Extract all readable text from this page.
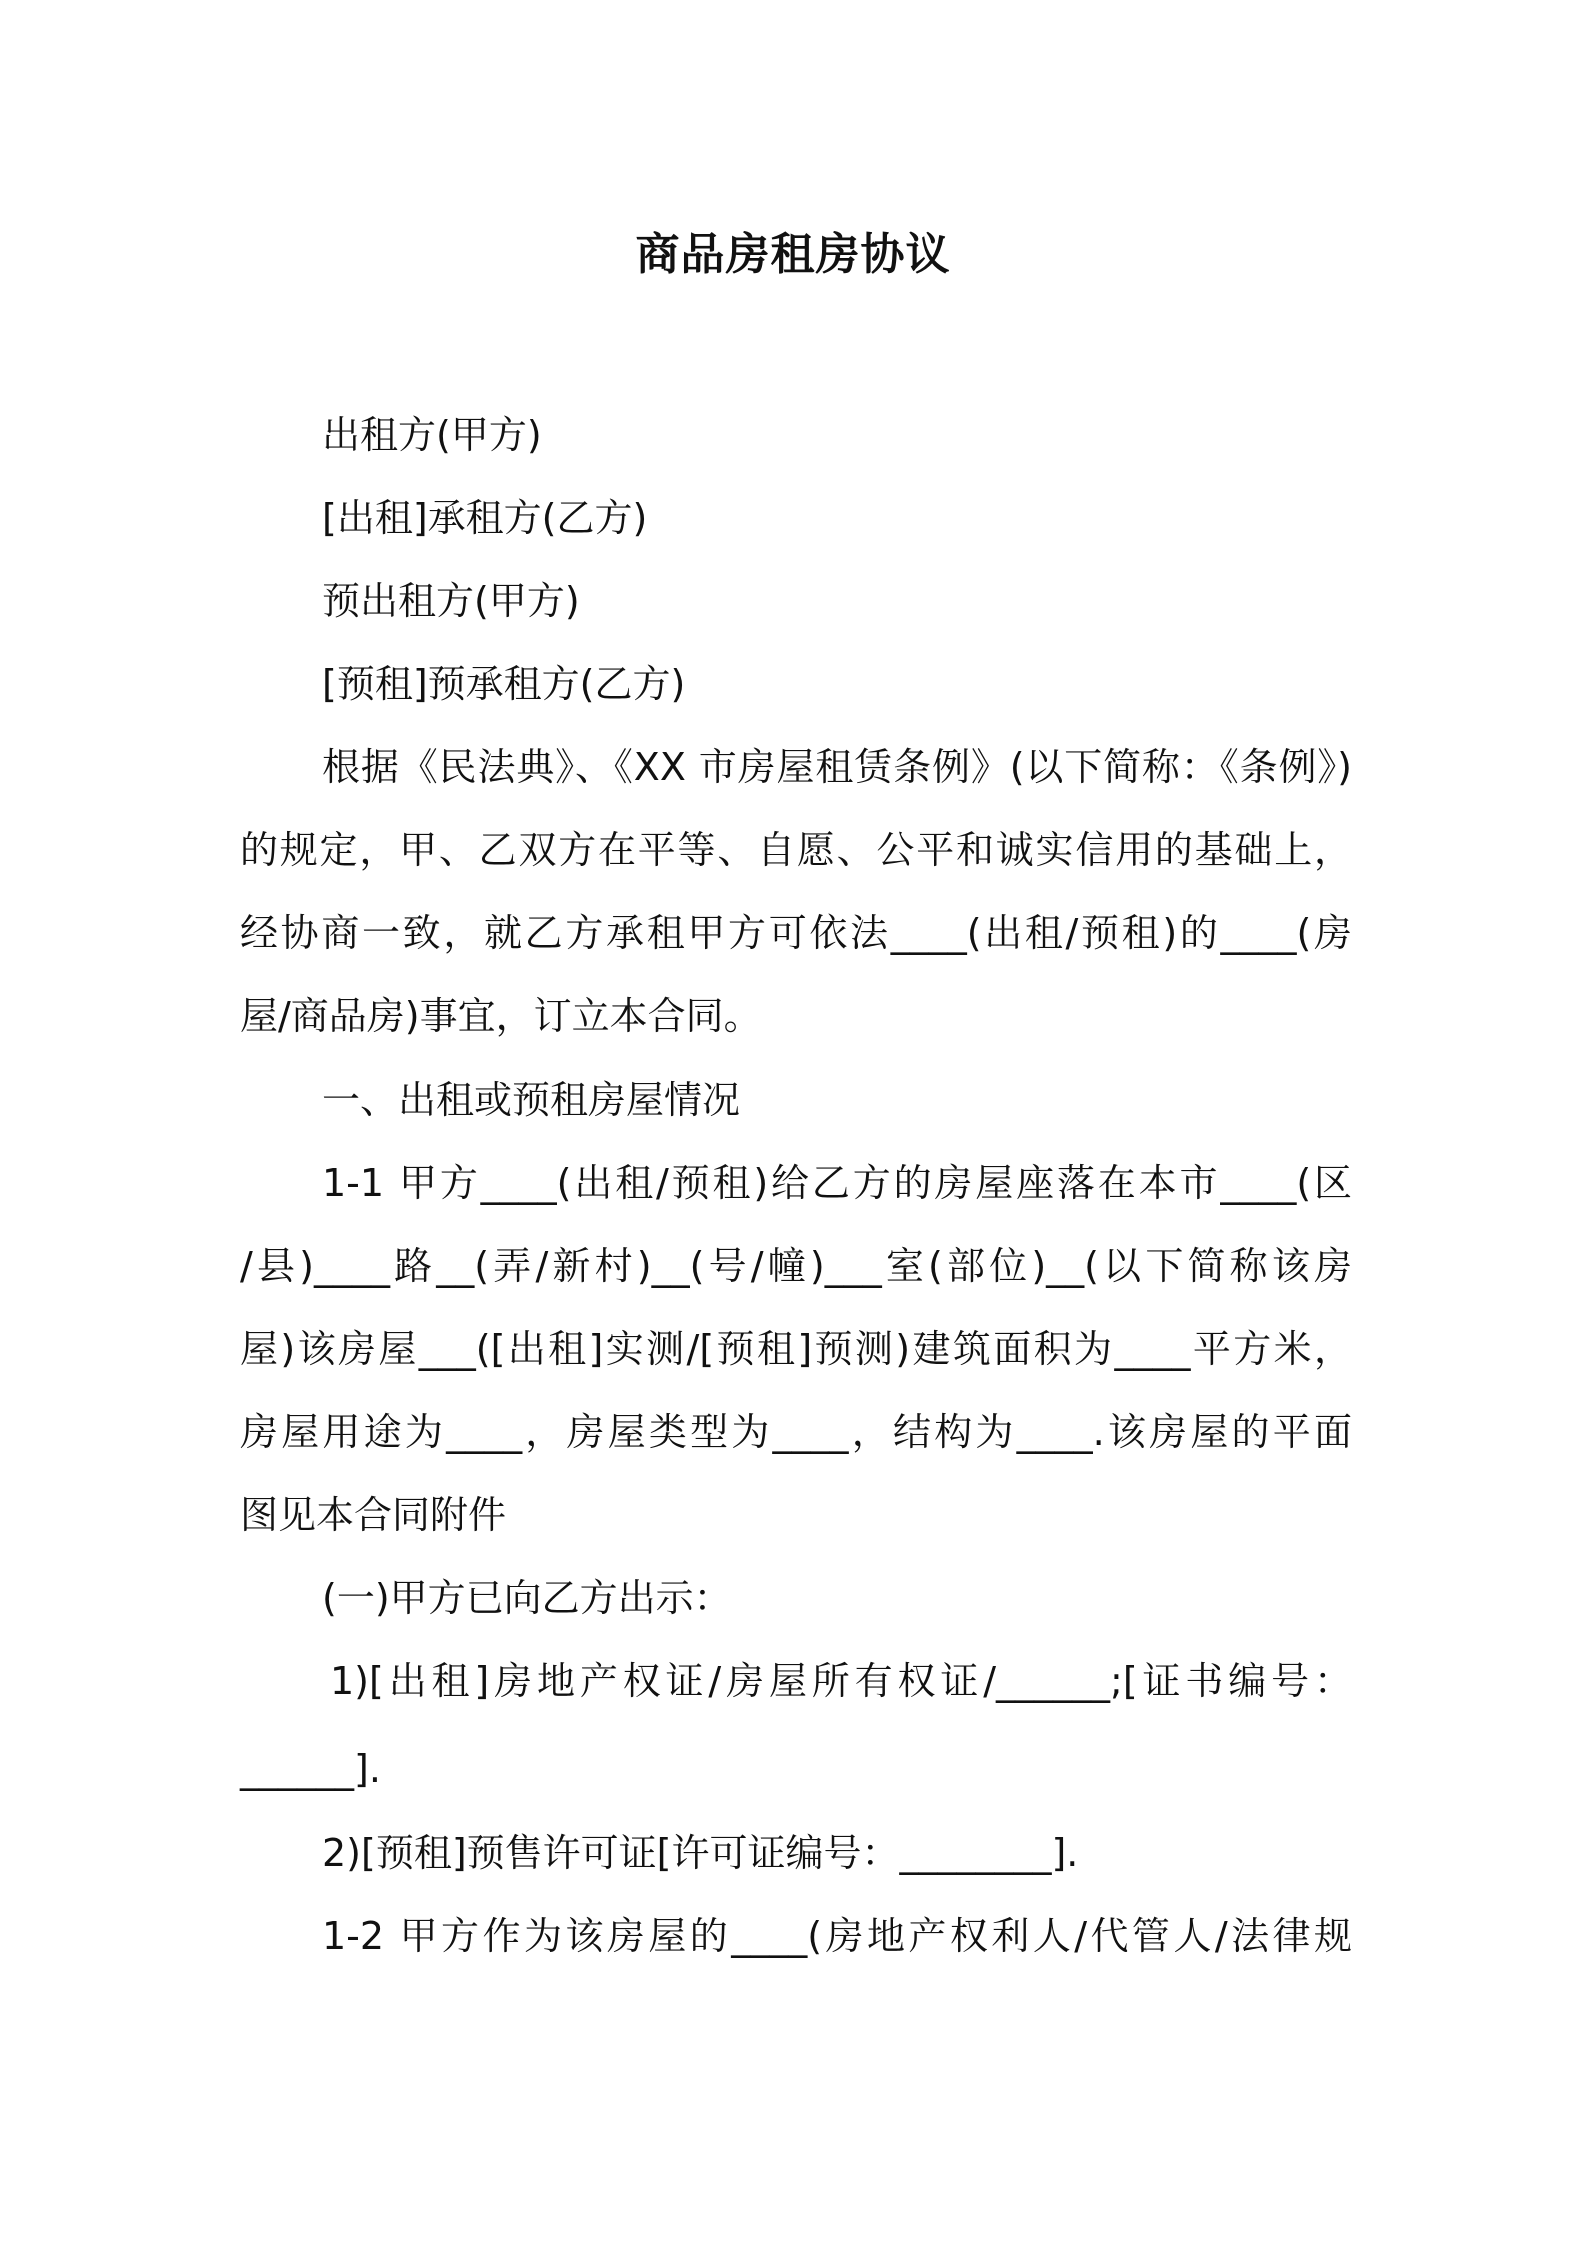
商品房租房协议

出租方(甲方)

[出租]承租方(乙方)

预出租方(甲方)

[预租]预承租方(乙方)

根据《民法典》、《XX 市房屋租赁条例》(以下简称：《条例》)

的规定，甲、乙双方在平等、自愿、公平和诚实信用的基础上，

经协商一致，就乙方承租甲方可依法____(出租/预租)的____(房

屋/商品房)事宜，订立本合同。

一、出租或预租房屋情况

1-1 甲方____(出租/预租)给乙方的房屋座落在本市____(区

/县)____路__(弄/新村)__(号/幢)___室(部位)__(以下简称该房

屋)该房屋___([出租]实测/[预租]预测)建筑面积为____平方米，

房屋用途为____，房屋类型为____，结构为____.该房屋的平面

图见本合同附件

(一)甲方已向乙方出示：

1)[出租]房地产权证/房屋所有权证/______;[证书编号：

______].

2)[预租]预售许可证[许可证编号：________].

1-2 甲方作为该房屋的____(房地产权利人/代管人/法律规
